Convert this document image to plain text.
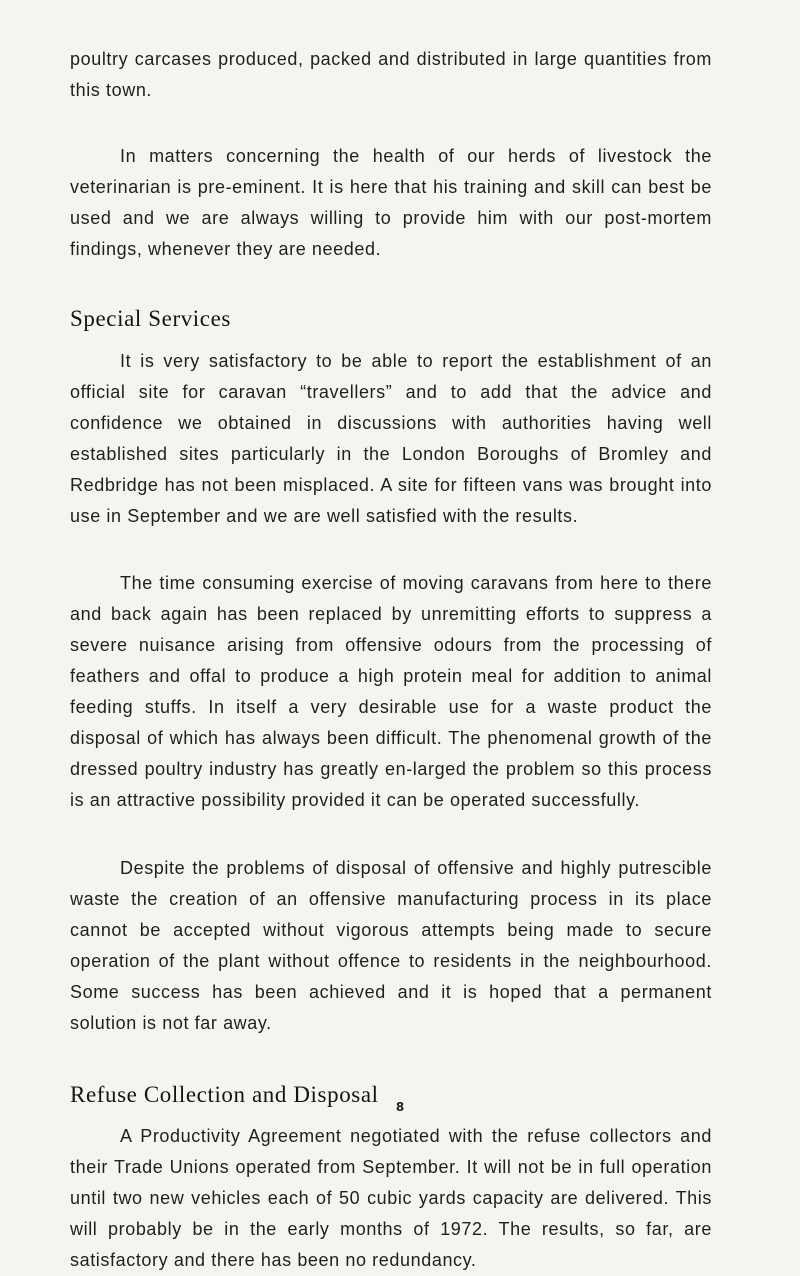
poultry carcases produced, packed and distributed in large quantities from this town.

In matters concerning the health of our herds of livestock the veterinarian is pre-eminent. It is here that his training and skill can best be used and we are always willing to provide him with our post-mortem findings, whenever they are needed.

Special Services

It is very satisfactory to be able to report the establishment of an official site for caravan “travellers” and to add that the advice and confidence we obtained in discussions with authorities having well established sites particularly in the London Boroughs of Bromley and Redbridge has not been misplaced. A site for fifteen vans was brought into use in September and we are well satisfied with the results.

The time consuming exercise of moving caravans from here to there and back again has been replaced by unremitting efforts to suppress a severe nuisance arising from offensive odours from the processing of feathers and offal to produce a high protein meal for addition to animal feeding stuffs. In itself a very desirable use for a waste product the disposal of which has always been difficult. The phenomenal growth of the dressed poultry industry has greatly en-larged the problem so this process is an attractive possibility provided it can be operated successfully.

Despite the problems of disposal of offensive and highly putrescible waste the creation of an offensive manufacturing process in its place cannot be accepted without vigorous attempts being made to secure operation of the plant without offence to residents in the neighbourhood. Some success has been achieved and it is hoped that a permanent solution is not far away.

Refuse Collection and Disposal

A Productivity Agreement negotiated with the refuse collectors and their Trade Unions operated from September. It will not be in full operation until two new vehicles each of 50 cubic yards capacity are delivered. This will probably be in the early months of 1972. The results, so far, are satisfactory and there has been no redundancy.

8
